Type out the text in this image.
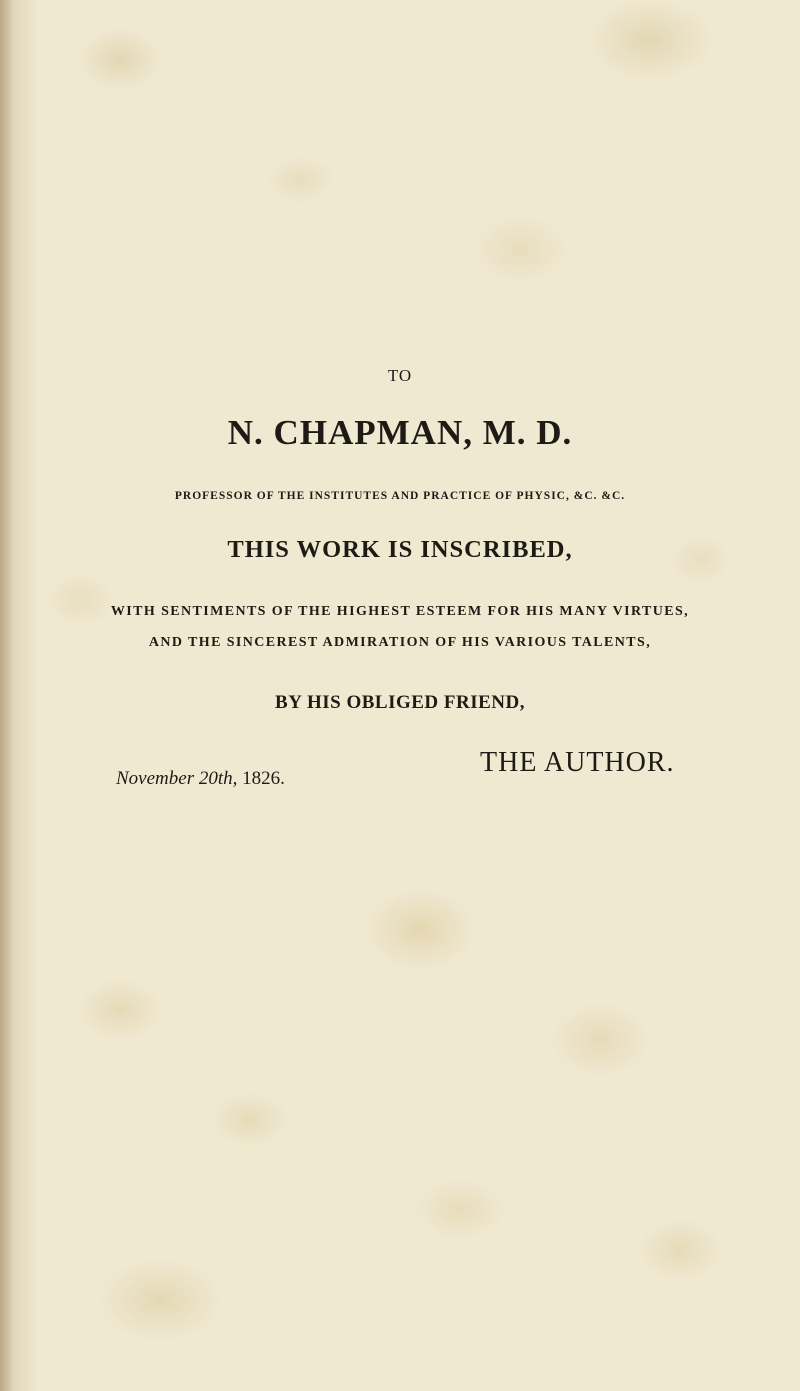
TO
N. CHAPMAN, M. D.
PROFESSOR OF THE INSTITUTES AND PRACTICE OF PHYSIC, &C. &C.
THIS WORK IS INSCRIBED,
WITH SENTIMENTS OF THE HIGHEST ESTEEM FOR HIS MANY VIRTUES,
AND THE SINCEREST ADMIRATION OF HIS VARIOUS TALENTS,
BY HIS OBLIGED FRIEND,
THE AUTHOR.
November 20th, 1826.
